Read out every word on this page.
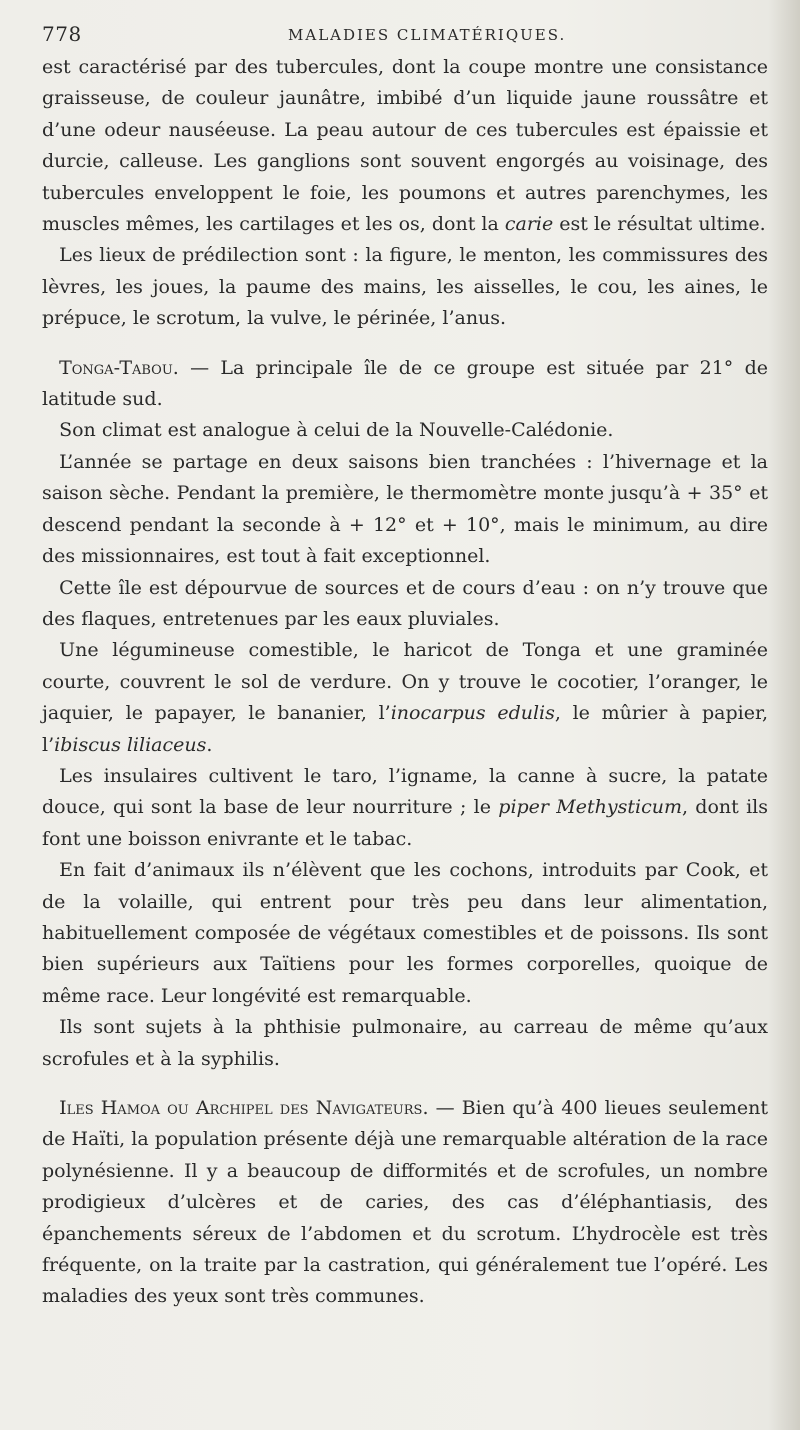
778	MALADIES CLIMATÉRIQUES.

est caractérisé par des tubercules, dont la coupe montre une consistance graisseuse, de couleur jaunâtre, imbibé d’un liquide jaune roussâtre et d’une odeur nauséeuse. La peau autour de ces tubercules est épaissie et durcie, calleuse. Les ganglions sont souvent engorgés au voisinage, des tubercules enveloppent le foie, les poumons et autres parenchymes, les muscles mêmes, les cartilages et les os, dont la carie est le résultat ultime.

Les lieux de prédilection sont : la figure, le menton, les commissures des lèvres, les joues, la paume des mains, les aisselles, le cou, les aines, le prépuce, le scrotum, la vulve, le périnée, l’anus.

Tonga-Tabou. — La principale île de ce groupe est située par 21° de latitude sud.

Son climat est analogue à celui de la Nouvelle-Calédonie.

L’année se partage en deux saisons bien tranchées : l’hivernage et la saison sèche. Pendant la première, le thermomètre monte jusqu’à + 35° et descend pendant la seconde à + 12° et + 10°, mais le minimum, au dire des missionnaires, est tout à fait exceptionnel.

Cette île est dépourvue de sources et de cours d’eau : on n’y trouve que des flaques, entretenues par les eaux pluviales.

Une légumineuse comestible, le haricot de Tonga et une graminée courte, couvrent le sol de verdure. On y trouve le cocotier, l’oranger, le jaquier, le papayer, le bananier, l’inocarpus edulis, le mûrier à papier, l’ibiscus liliaceus.

Les insulaires cultivent le taro, l’igname, la canne à sucre, la patate douce, qui sont la base de leur nourriture ; le piper Methysticum, dont ils font une boisson enivrante et le tabac.

En fait d’animaux ils n’élèvent que les cochons, introduits par Cook, et de la volaille, qui entrent pour très peu dans leur alimentation, habituellement composée de végétaux comestibles et de poissons. Ils sont bien supérieurs aux Taïtiens pour les formes corporelles, quoique de même race. Leur longévité est remarquable.

Ils sont sujets à la phthisie pulmonaire, au carreau de même qu’aux scrofules et à la syphilis.

Iles Hamoa ou Archipel des Navigateurs. — Bien qu’à 400 lieues seulement de Haïti, la population présente déjà une remarquable altération de la race polynésienne. Il y a beaucoup de difformités et de scrofules, un nombre prodigieux d’ulcères et de caries, des cas d’éléphantiasis, des épanchements séreux de l’abdomen et du scrotum. L’hydrocèle est très fréquente, on la traite par la castration, qui généralement tue l’opéré. Les maladies des yeux sont très communes.
